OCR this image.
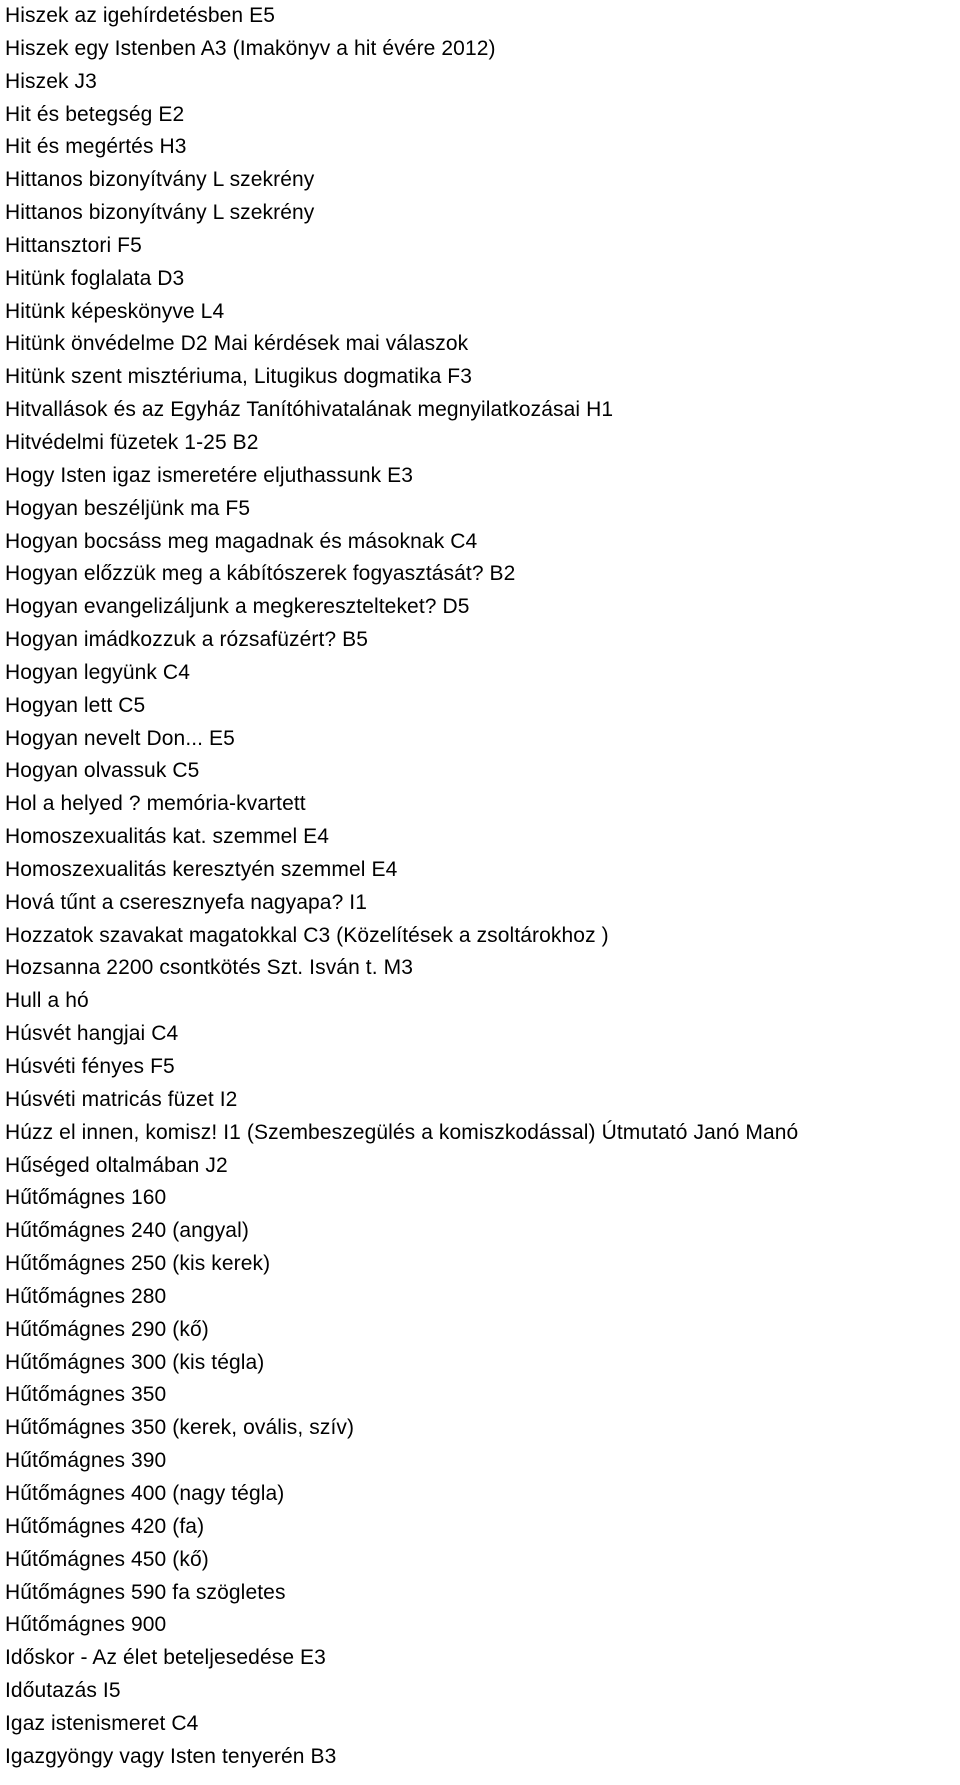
Hiszek az igehírdetésben E5
Hiszek egy Istenben A3 (Imakönyv a hit évére 2012)
Hiszek J3
Hit és betegség E2
Hit és megértés H3
Hittanos bizonyítvány L szekrény
Hittanos bizonyítvány L szekrény
Hittansztori F5
Hitünk foglalata D3
Hitünk képeskönyve L4
Hitünk önvédelme D2 Mai kérdések mai válaszok
Hitünk szent misztériuma, Litugikus dogmatika F3
Hitvallások és az Egyház Tanítóhivatalának megnyilatkozásai H1
Hitvédelmi füzetek 1-25 B2
Hogy Isten igaz ismeretére eljuthassunk E3
Hogyan beszéljünk ma F5
Hogyan bocsáss meg magadnak és másoknak C4
Hogyan előzzük meg a kábítószerek fogyasztását? B2
Hogyan evangelizáljunk a megkereszteltеket? D5
Hogyan imádkozzuk a rózsafüzért? B5
Hogyan legyünk C4
Hogyan lett C5
Hogyan nevelt Don... E5
Hogyan olvassuk C5
Hol a helyed ? memória-kvartett
Homoszexualitás kat. szemmel E4
Homoszexualitás keresztyén szemmel E4
Hová tűnt a cseresznyefa nagyapa? I1
Hozzatok szavakat magatokkal C3 (Közelítések a zsoltárokhoz )
Hozsanna 2200 csontkötés Szt. Isván t. M3
Hull a hó
Húsvét hangjai C4
Húsvéti fényes F5
Húsvéti matricás füzet I2
Húzz el innen, komisz! I1 (Szembeszegülés a komiszkodással) Útmutató Janó Manó
Hűséged oltalmában J2
Hűtőmágnes 160
Hűtőmágnes 240 (angyal)
Hűtőmágnes 250 (kis kerek)
Hűtőmágnes 280
Hűtőmágnes 290 (kő)
Hűtőmágnes 300 (kis tégla)
Hűtőmágnes 350
Hűtőmágnes 350 (kerek, ovális, szív)
Hűtőmágnes 390
Hűtőmágnes 400 (nagy tégla)
Hűtőmágnes 420 (fa)
Hűtőmágnes 450 (kő)
Hűtőmágnes 590 fa szögletes
Hűtőmágnes 900
Időskor - Az élet beteljesedése E3
Időutazás I5
Igaz istenismeret C4
Igazgyöngy vagy Isten tenyerén B3
